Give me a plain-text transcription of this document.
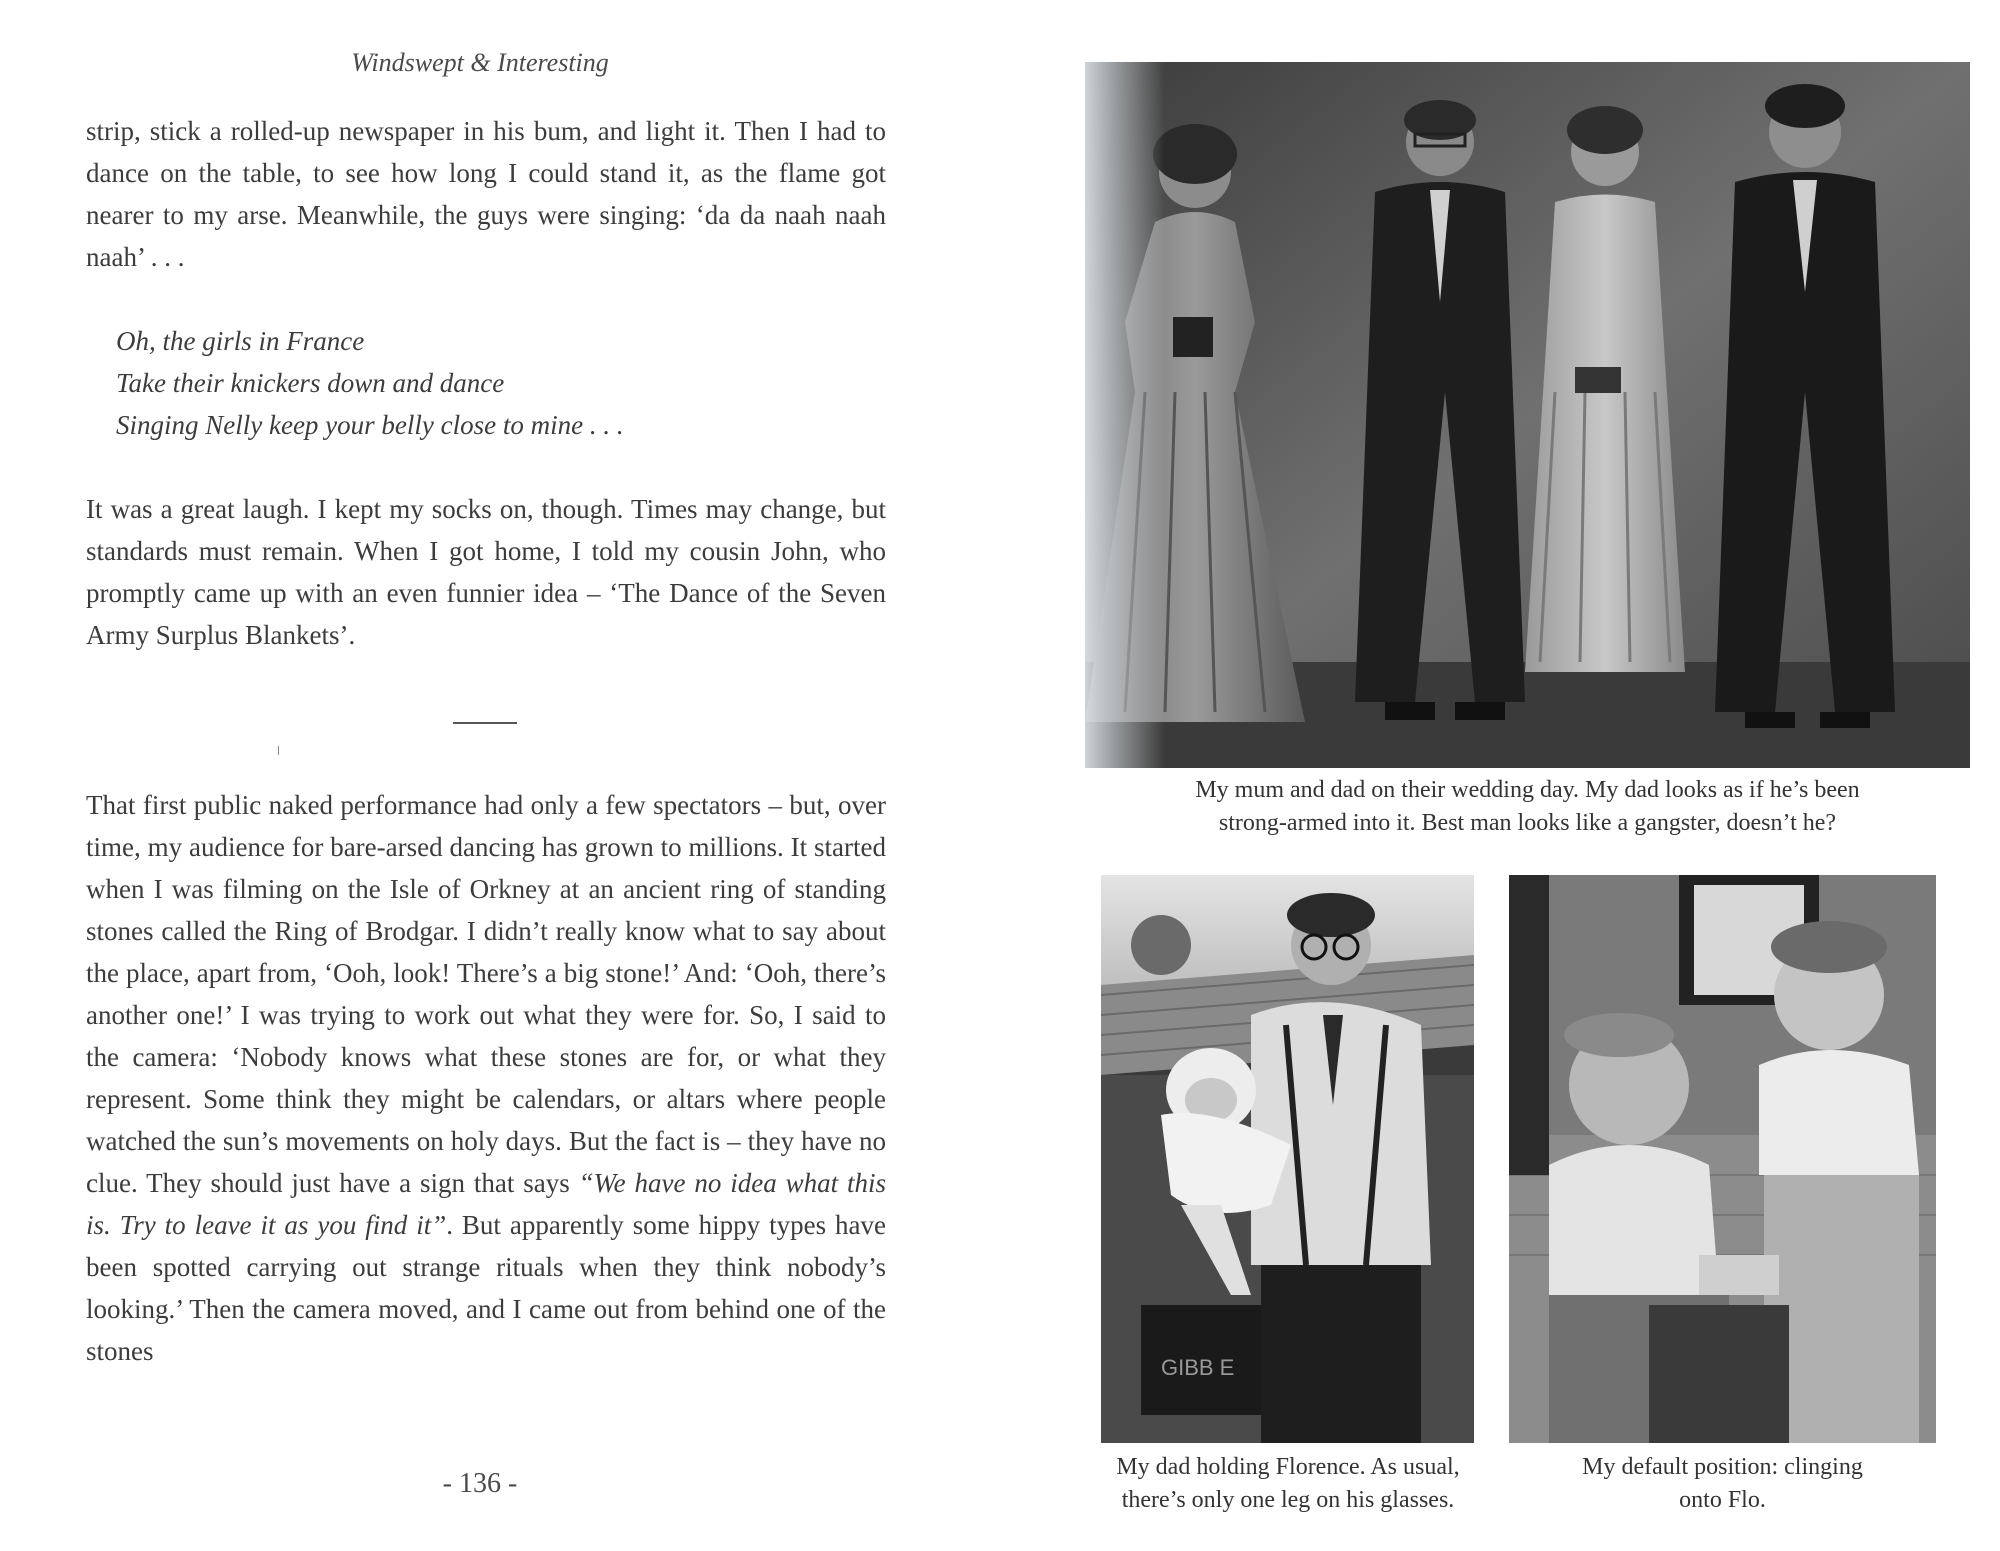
Windswept & Interesting
strip, stick a rolled-up newspaper in his bum, and light it. Then I had to dance on the table, to see how long I could stand it, as the flame got nearer to my arse. Meanwhile, the guys were singing: ‘da da naah naah naah’ . . .
Oh, the girls in France
Take their knickers down and dance
Singing Nelly keep your belly close to mine . . .
It was a great laugh. I kept my socks on, though. Times may change, but standards must remain. When I got home, I told my cousin John, who promptly came up with an even funnier idea – ‘The Dance of the Seven Army Surplus Blankets’.
That first public naked performance had only a few spectators – but, over time, my audience for bare-arsed dancing has grown to millions. It started when I was filming on the Isle of Orkney at an ancient ring of standing stones called the Ring of Brodgar. I didn’t really know what to say about the place, apart from, ‘Ooh, look! There’s a big stone!’ And: ‘Ooh, there’s another one!’ I was trying to work out what they were for. So, I said to the camera: ‘Nobody knows what these stones are for, or what they represent. Some think they might be calendars, or altars where people watched the sun’s movements on holy days. But the fact is – they have no clue. They should just have a sign that says “We have no idea what this is. Try to leave it as you find it”. But apparently some hippy types have been spotted carrying out strange rituals when they think nobody’s looking.’ Then the camera moved, and I came out from behind one of the stones
- 136 -
My mum and dad on their wedding day. My dad looks as if he’s been
strong-armed into it. Best man looks like a gangster, doesn’t he?
GIBB E
My dad holding Florence. As usual,
there’s only one leg on his glasses.
My default position: clinging
onto Flo.
